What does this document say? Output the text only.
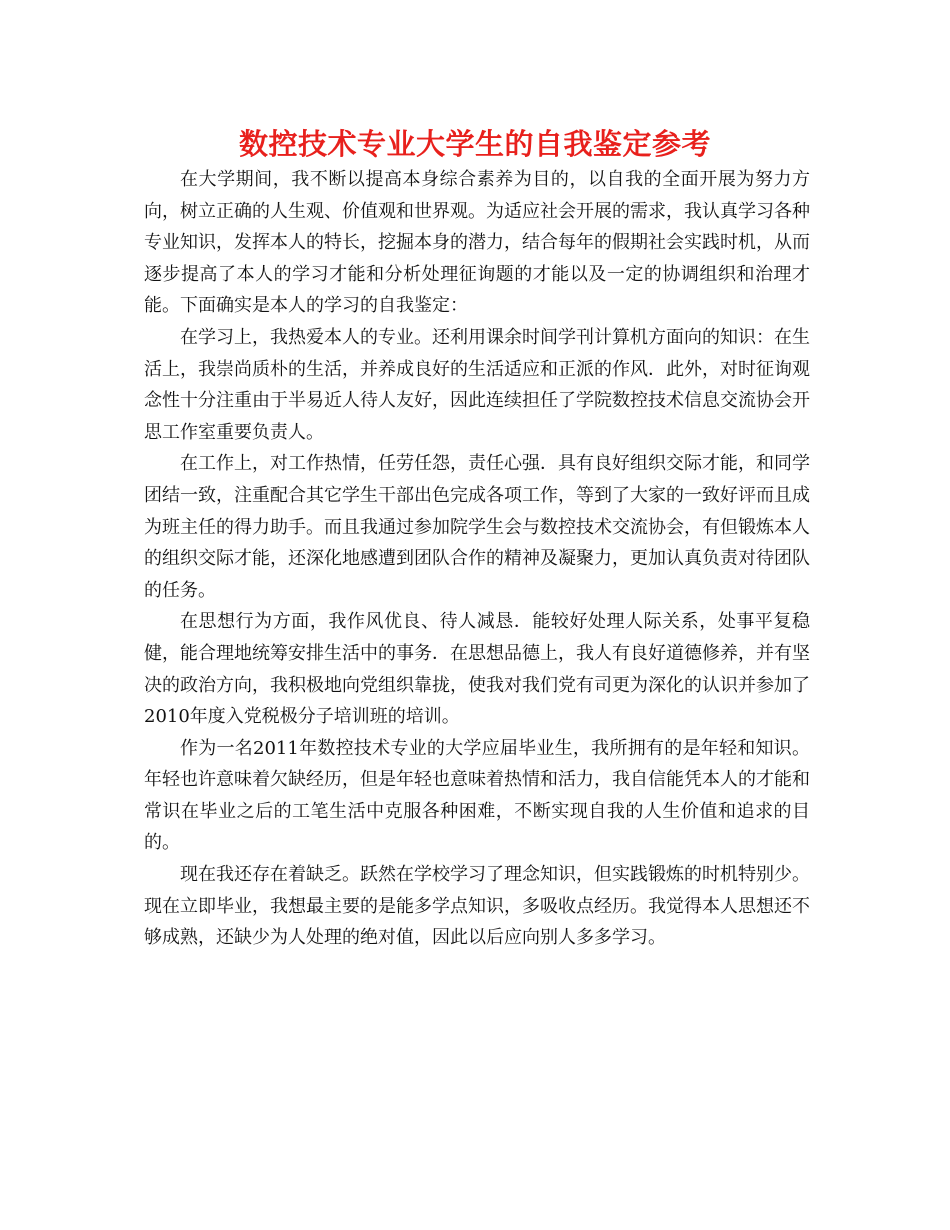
数控技术专业大学生的自我鉴定参考

在大学期间，我不断以提高本身综合素养为目的，以自我的全面开展为努力方向，树立正确的人生观、价值观和世界观。为适应社会开展的需求，我认真学习各种专业知识，发挥本人的特长，挖掘本身的潜力，结合每年的假期社会实践时机，从而逐步提高了本人的学习才能和分析处理征询题的才能以及一定的协调组织和治理才能。下面确实是本人的学习的自我鉴定：

在学习上，我热爱本人的专业。还利用课余时间学刊计算机方面向的知识：在生活上，我崇尚质朴的生活，并养成良好的生活适应和正派的作风．此外，对时征询观念性十分注重由于半易近人待人友好，因此连续担任了学院数控技术信息交流协会开思工作室重要负责人。

在工作上，对工作热情，任劳任怨，责任心强．具有良好组织交际才能，和同学团结一致，注重配合其它学生干部出色完成各项工作，等到了大家的一致好评而且成为班主任的得力助手。而且我通过参加院学生会与数控技术交流协会，有但锻炼本人的组织交际才能，还深化地感遭到团队合作的精神及凝聚力，更加认真负责对待团队的任务。

在思想行为方面，我作风优良、待人减恳．能较好处理人际关系，处事平复稳健，能合理地统筹安排生活中的事务．在思想品德上，我人有良好道德修养，并有坚决的政治方向，我积极地向党组织靠拢，使我对我们党有司更为深化的认识并参加了2010年度入党税极分子培训班的培训。

作为一名2011年数控技术专业的大学应届毕业生，我所拥有的是年轻和知识。年轻也许意味着欠缺经历，但是年轻也意味着热情和活力，我自信能凭本人的才能和常识在毕业之后的工笔生活中克服各种困难，不断实现自我的人生价值和追求的目的。

现在我还存在着缺乏。跃然在学校学习了理念知识，但实践锻炼的时机特别少。现在立即毕业，我想最主要的是能多学点知识，多吸收点经历。我觉得本人思想还不够成熟，还缺少为人处理的绝对值，因此以后应向别人多多学习。
